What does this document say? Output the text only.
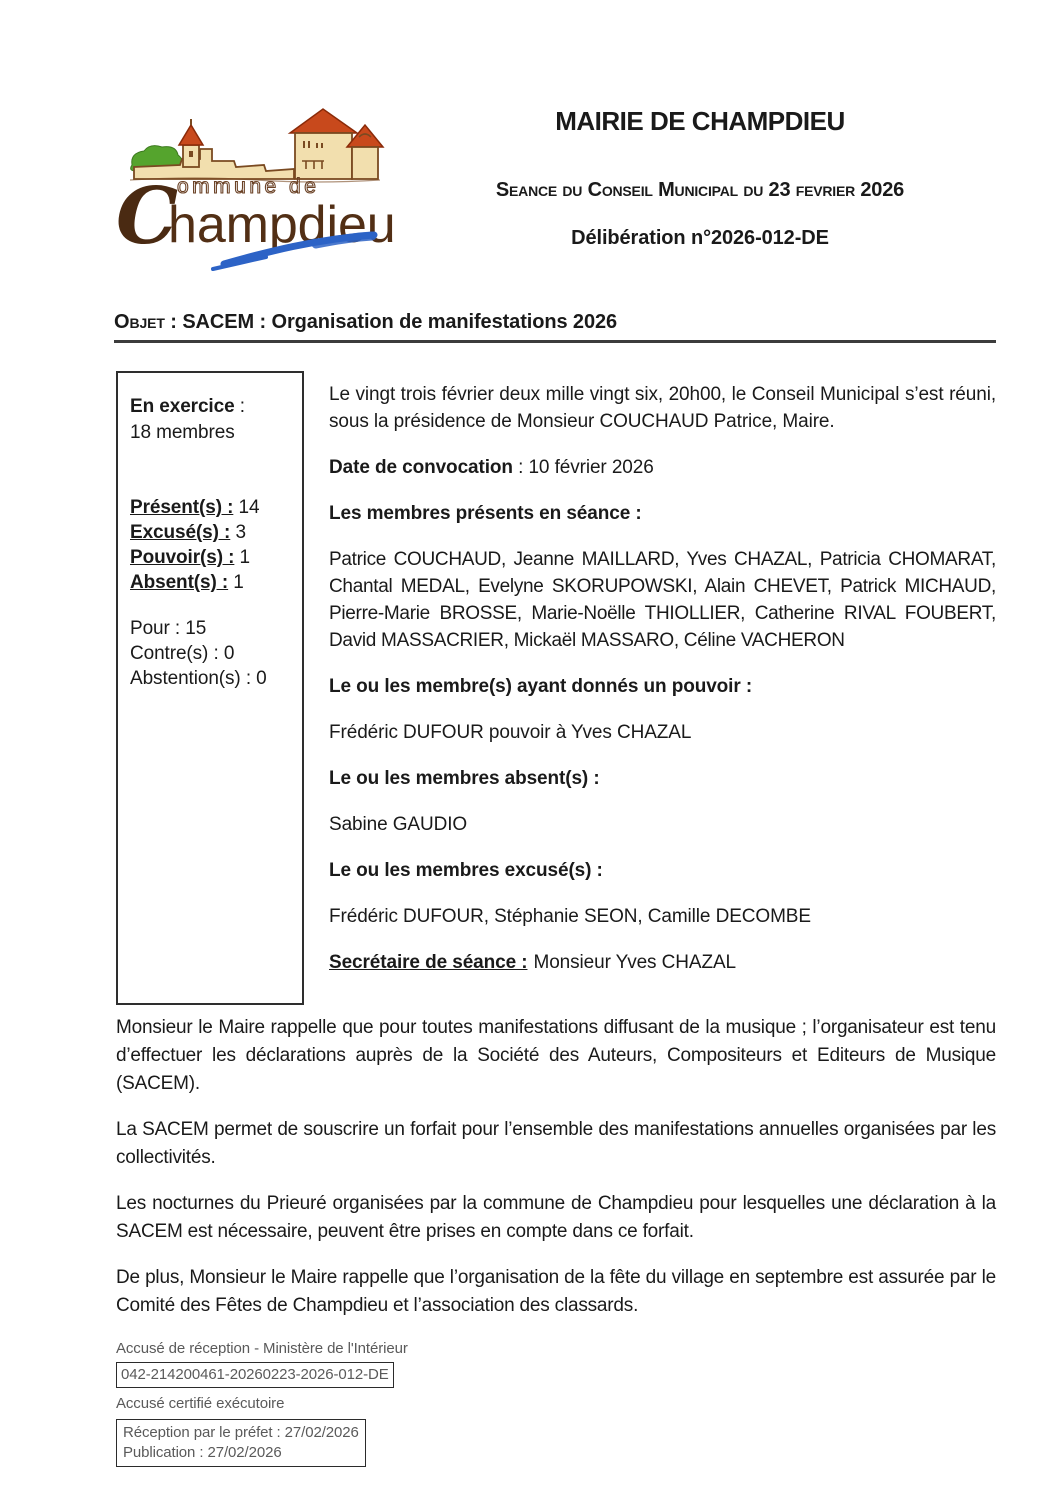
ommune de
C
hampdieu
MAIRIE DE CHAMPDIEU
Seance du Conseil Municipal du 23 fevrier 2026
Délibération n°2026-012-DE
Objet : SACEM : Organisation de manifestations 2026
En exercice :
18 membres
Présent(s) : 14
Excusé(s) : 3
Pouvoir(s) : 1
Absent(s) : 1
Pour : 15
Contre(s) : 0
Abstention(s) : 0

Le vingt trois février deux mille vingt six, 20h00, le Conseil Municipal s’est réuni, sous la présidence de Monsieur COUCHAUD Patrice, Maire.

Date de convocation : 10 février 2026
Les membres présents en séance :

Patrice COUCHAUD, Jeanne MAILLARD, Yves CHAZAL, Patricia CHOMARAT, Chantal MEDAL, Evelyne SKORUPOWSKI, Alain CHEVET, Patrick MICHAUD, Pierre-Marie BROSSE, Marie-Noëlle THIOLLIER, Catherine RIVAL FOUBERT, David MASSACRIER, Mickaël MASSARO, Céline VACHERON

Le ou les membre(s) ayant donnés un pouvoir :
Frédéric DUFOUR pouvoir à Yves CHAZAL
Le ou les membres absent(s) :
Sabine GAUDIO
Le ou les membres excusé(s) :
Frédéric DUFOUR, Stéphanie SEON, Camille DECOMBE
Secrétaire de séance : Monsieur Yves CHAZAL

Monsieur le Maire rappelle que pour toutes manifestations diffusant de la musique ; l’organisateur est tenu d’effectuer les déclarations auprès de la Société des Auteurs, Compositeurs et Editeurs de Musique (SACEM).

La SACEM permet de souscrire un forfait pour l’ensemble des manifestations annuelles organisées par les collectivités.

Les nocturnes du Prieuré organisées par la commune de Champdieu pour lesquelles une déclaration à la SACEM est nécessaire, peuvent être prises en compte dans ce forfait.

De plus, Monsieur le Maire rappelle que l’organisation de la fête du village en septembre est assurée par le Comité des Fêtes de Champdieu et l’association des classards.

Accusé de réception - Ministère de l'Intérieur
042-214200461-20260223-2026-012-DE
Accusé certifié exécutoire
Réception par le préfet : 27/02/2026
Publication : 27/02/2026
